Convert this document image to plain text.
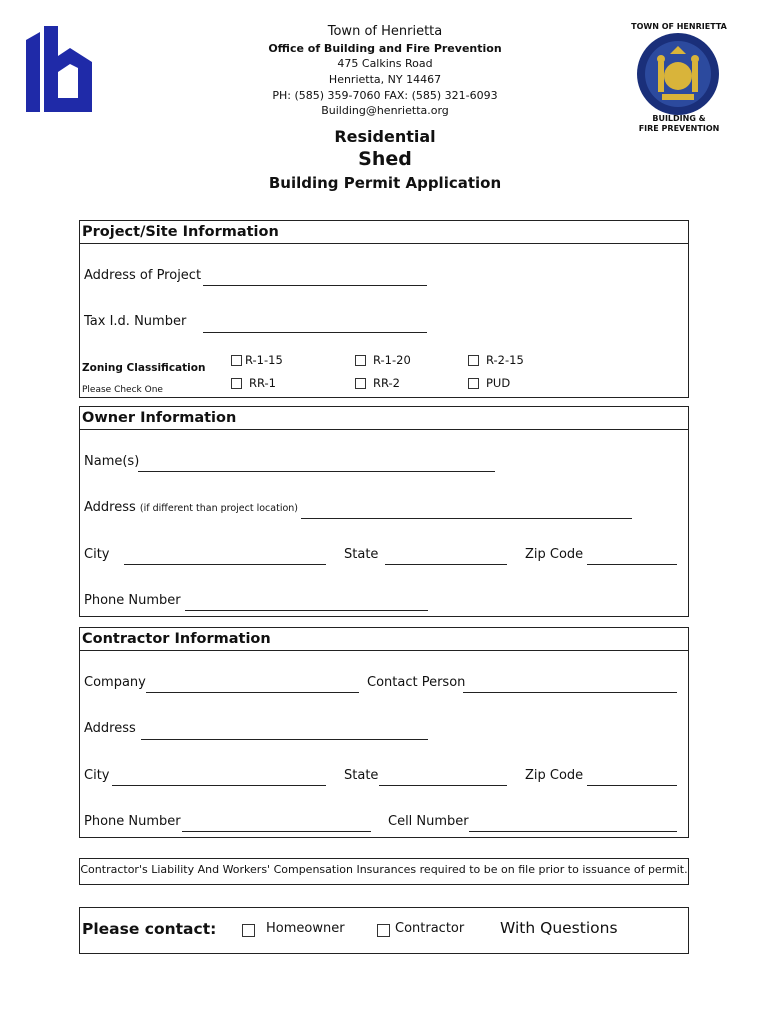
Town of Henrietta
Office of Building and Fire Prevention
475 Calkins Road
Henrietta, NY 14467
PH: (585) 359-7060 FAX: (585) 321-6093
Building@henrietta.org
Residential
Shed
Building Permit Application
TOWN OF HENRIETTA
BUILDING &
FIRE PREVENTION
Project/Site Information
Address of Project
Tax I.d. Number
Zoning Classification
Please Check One
R-1-15	R-1-20	R-2-15
RR-1	RR-2	PUD
Owner Information
Name(s)
Address (if different than project location)
City	State	Zip Code
Phone Number
Contractor Information
Company	Contact Person
Address
City	State	Zip Code
Phone Number	Cell Number
Contractor's Liability And Workers' Compensation Insurances required to be on file prior to issuance of permit.
Please contact:	Homeowner	Contractor With Questions
